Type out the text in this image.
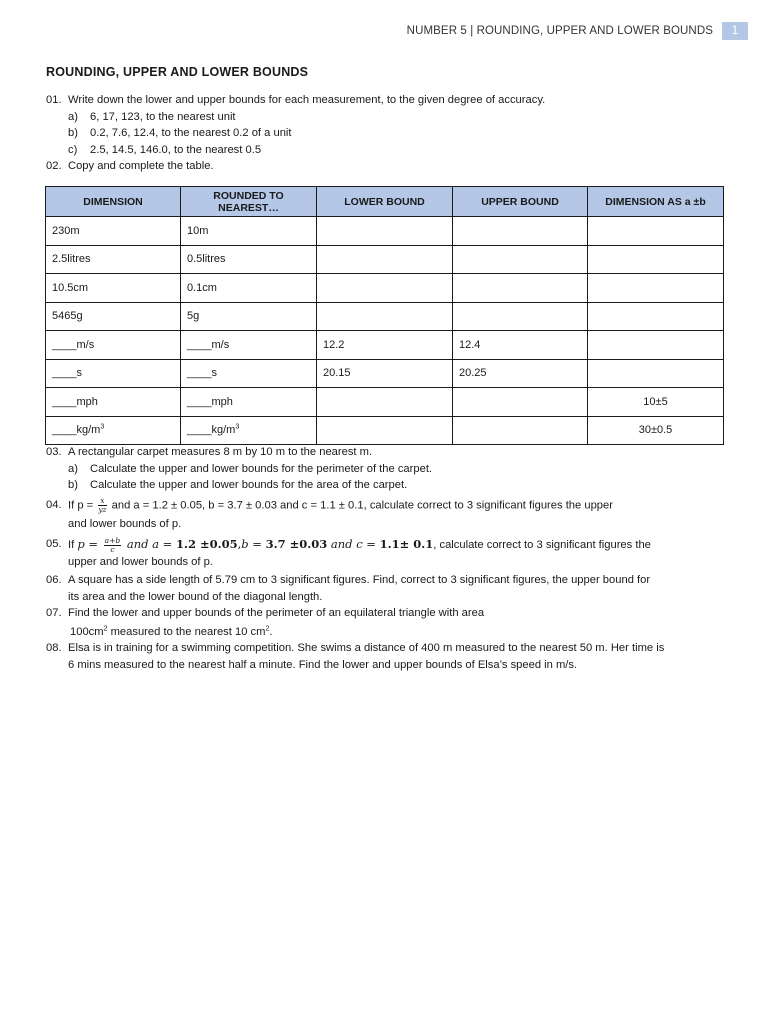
NUMBER 5 | ROUNDING, UPPER AND LOWER BOUNDS	1
ROUNDING, UPPER AND LOWER BOUNDS
01. Write down the lower and upper bounds for each measurement, to the given degree of accuracy.
a)	6, 17, 123, to the nearest unit
b)	0.2, 7.6, 12.4, to the nearest 0.2 of a unit
c)	2.5, 14.5, 146.0, to the nearest 0.5
02. Copy and complete the table.
DIMENSION	ROUNDED TO NEAREST…	LOWER BOUND	UPPER BOUND	DIMENSION AS a ±b
230m	10m			
2.5litres	0.5litres			
10.5cm	0.1cm			
5465g	5g			
____m/s	____m/s	12.2	12.4	
____s	____s	20.15	20.25	
____mph	____mph			10±5
$\_\_\_\_kg/m^3$	$\_\_\_\_kg/m^3$			30±0.5
03. A rectangular carpet measures 8 m by 10 m to the nearest m.
a)	Calculate the upper and lower bounds for the perimeter of the carpet.
b)	Calculate the upper and lower bounds for the area of the carpet.
04. If $p = \frac{x}{yz}$ and a = 1.2 ± 0.05, b = 3.7 ± 0.03 and c = 1.1 ± 0.1, calculate correct to 3 significant figures the upper
and lower bounds of p.
05. If $p = \frac{a+b}{c}$ and a = 1.2 ±0.05,b = 3.7 ±0.03 and c = 1.1± 0.1, calculate correct to 3 significant figures the
upper and lower bounds of p.
06. A square has a side length of 5.79 cm to 3 significant figures. Find, correct to 3 significant figures, the upper bound for
its area and the lower bound of the diagonal length.
07. Find the lower and upper bounds of the perimeter of an equilateral triangle with area
$100cm^2$ measured to the nearest 10 $cm^2$.
08. Elsa is in training for a swimming competition. She swims a distance of 400 m measured to the nearest 50 m. Her time is
6 mins measured to the nearest half a minute. Find the lower and upper bounds of Elsa’s speed in m/s.
